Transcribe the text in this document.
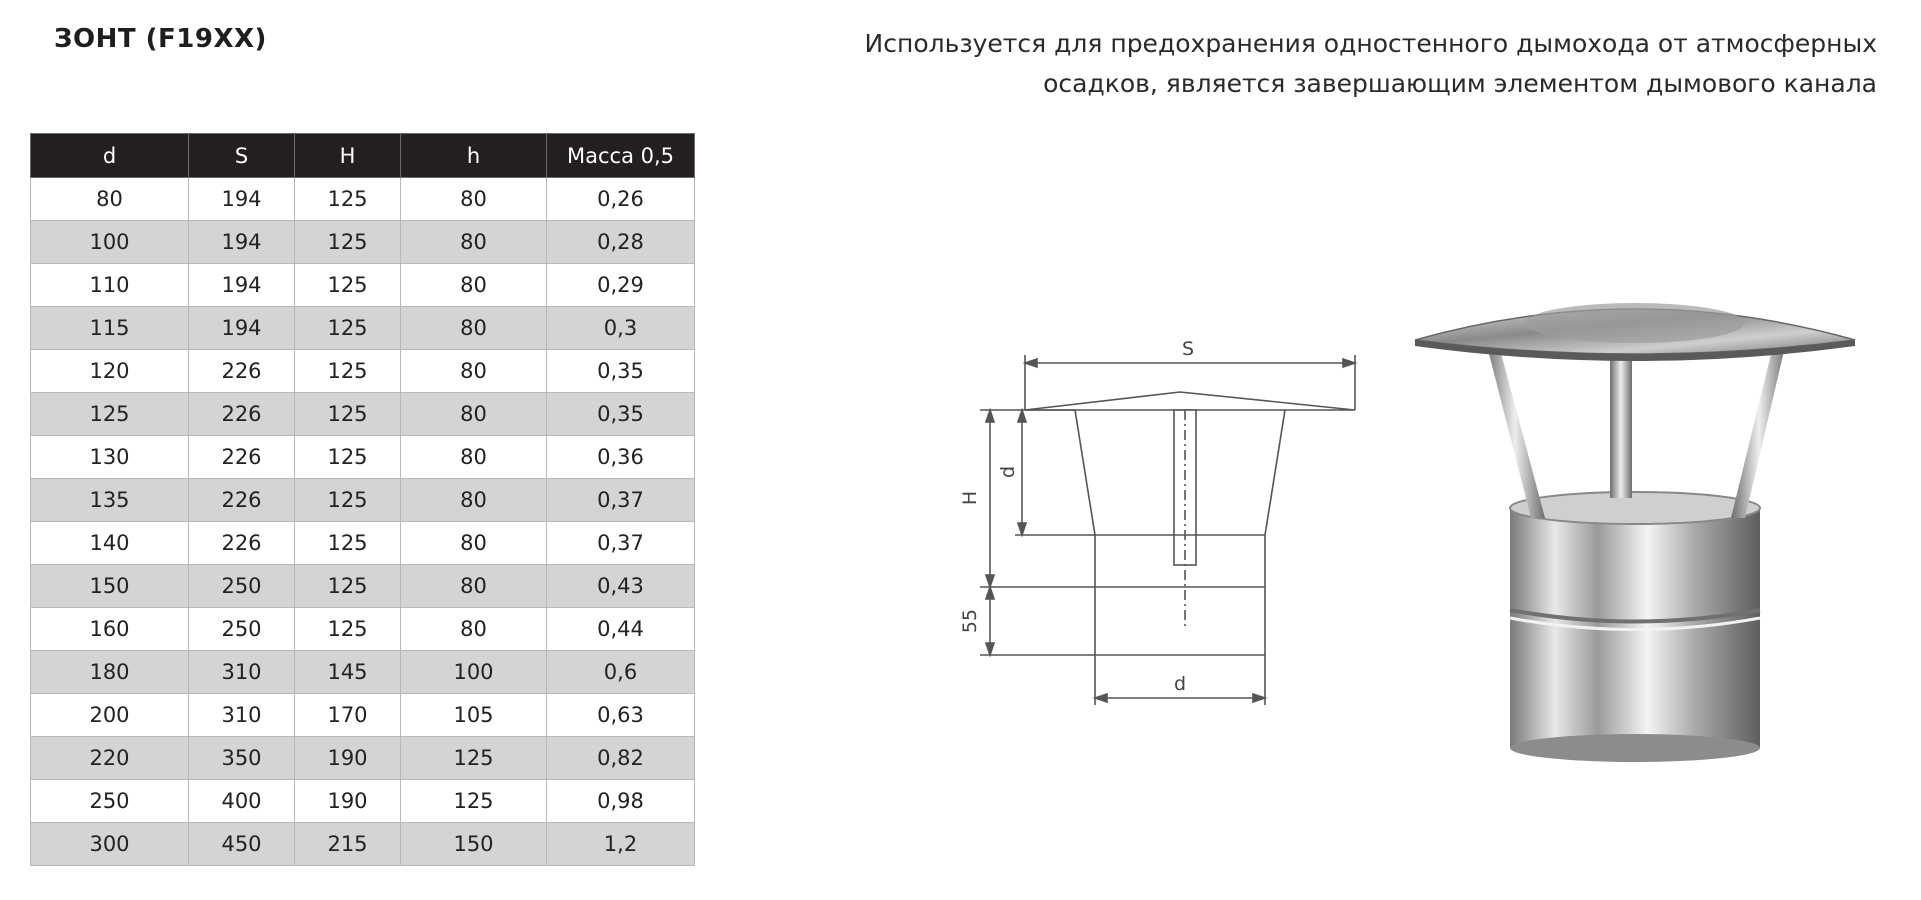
ЗОНТ (F19XX)	Используется для предохранения одностенного дымохода от атмосферных
осадков, является завершающим элементом дымового канала
d	S	H	h	Масса 0,5
80	194	125	80	0,26
100	194	125	80	0,28
110	194	125	80	0,29
115	194	125	80	0,3
120	226	125	80	0,35
125	226	125	80	0,35
130	226	125	80	0,36
135	226	125	80	0,37
140	226	125	80	0,37
150	250	125	80	0,43
160	250	125	80	0,44
180	310	145	100	0,6
200	310	170	105	0,63
220	350	190	125	0,82
250	400	190	125	0,98
300	450	215	150	1,2
S
H
d
55
d
